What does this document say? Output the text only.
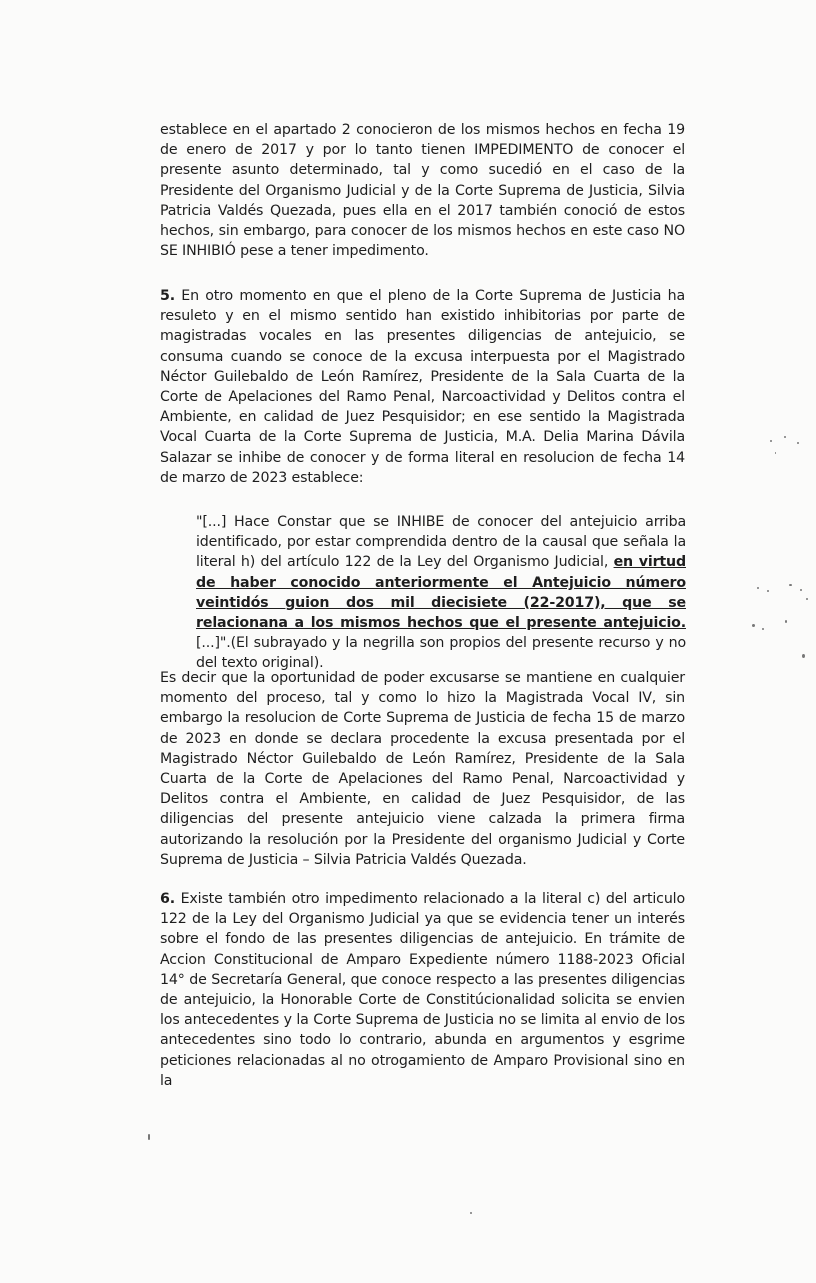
establece en el apartado 2 conocieron de los mismos hechos en fecha 19 de enero de 2017 y por lo tanto tienen IMPEDIMENTO de conocer el presente asunto determinado, tal y como sucedió en el caso de la Presidente del Organismo Judicial y de la Corte Suprema de Justicia, Silvia Patricia Valdés Quezada, pues ella en el 2017 también conoció de estos hechos, sin embargo, para conocer de los mismos hechos en este caso NO SE INHIBIÓ pese a tener impedimento.

5. En otro momento en que el pleno de la Corte Suprema de Justicia ha resuleto y en el mismo sentido han existido inhibitorias por parte de magistradas vocales en las presentes diligencias de antejuicio, se consuma cuando se conoce de la excusa interpuesta por el Magistrado Néctor Guilebaldo de León Ramírez, Presidente de la Sala Cuarta de la Corte de Apelaciones del Ramo Penal, Narcoactividad y Delitos contra el Ambiente, en calidad de Juez Pesquisidor; en ese sentido la Magistrada Vocal Cuarta de la Corte Suprema de Justicia, M.A. Delia Marina Dávila Salazar se inhibe de conocer y de forma literal en resolucion de fecha 14 de marzo de 2023 establece:

"[...] Hace Constar que se INHIBE de conocer del antejuicio arriba identificado, por estar comprendida dentro de la causal que señala la literal h) del artículo 122 de la Ley del Organismo Judicial, en virtud de haber conocido anteriormente el Antejuicio número veintidós guion dos mil diecisiete (22-2017), que se relacionana a los mismos hechos que el presente antejuicio. [...]".(El subrayado y la negrilla son propios del presente recurso y no del texto original).

Es decir que la oportunidad de poder excusarse se mantiene en cualquier momento del proceso, tal y como lo hizo la Magistrada Vocal IV, sin embargo la resolucion de Corte Suprema de Justicia de fecha 15 de marzo de 2023 en donde se declara procedente la excusa presentada por el Magistrado Néctor Guilebaldo de León Ramírez, Presidente de la Sala Cuarta de la Corte de Apelaciones del Ramo Penal, Narcoactividad y Delitos contra el Ambiente, en calidad de Juez Pesquisidor, de las diligencias del presente antejuicio viene calzada la primera firma autorizando la resolución por la Presidente del organismo Judicial y Corte Suprema de Justicia – Silvia Patricia Valdés Quezada.

6. Existe también otro impedimento relacionado a la literal c) del articulo 122 de la Ley del Organismo Judicial ya que se evidencia tener un interés sobre el fondo de las presentes diligencias de antejuicio. En trámite de Accion Constitucional de Amparo Expediente número 1188-2023 Oficial 14° de Secretaría General, que conoce respecto a las presentes diligencias de antejuicio, la Honorable Corte de Constitúcionalidad solicita se envien los antecedentes y la Corte Suprema de Justicia no se limita al envio de los antecedentes sino todo lo contrario, abunda en argumentos y esgrime peticiones relacionadas al no otrogamiento de Amparo Provisional sino en la
